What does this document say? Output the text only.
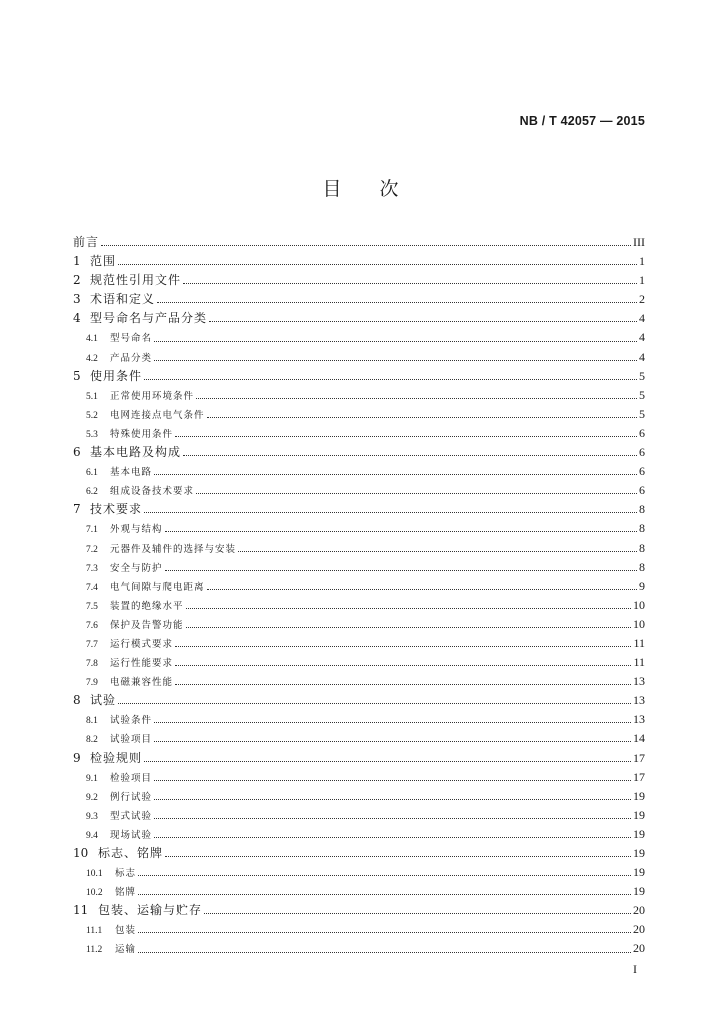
NB / T 42057 — 2015
目次
前言	III
1 范围	1
2 规范性引用文件	1
3 术语和定义	2
4 型号命名与产品分类	4
4.1	型号命名	4
4.2	产品分类	4
5 使用条件	5
5.1	正常使用环境条件	5
5.2	电网连接点电气条件	5
5.3	特殊使用条件	6
6 基本电路及构成	6
6.1	基本电路	6
6.2	组成设备技术要求	6
7 技术要求	8
7.1	外观与结构	8
7.2	元器件及辅件的选择与安装	8
7.3	安全与防护	8
7.4	电气间隙与爬电距离	9
7.5	装置的绝缘水平	10
7.6	保护及告警功能	10
7.7	运行模式要求	11
7.8	运行性能要求	11
7.9	电磁兼容性能	13
8 试验	13
8.1	试验条件	13
8.2	试验项目	14
9 检验规则	17
9.1	检验项目	17
9.2	例行试验	19
9.3	型式试验	19
9.4	现场试验	19
10 标志、铭牌	19
10.1	标志	19
10.2	铭牌	19
11 包装、运输与贮存	20
11.1	包装	20
11.2	运输	20
I
